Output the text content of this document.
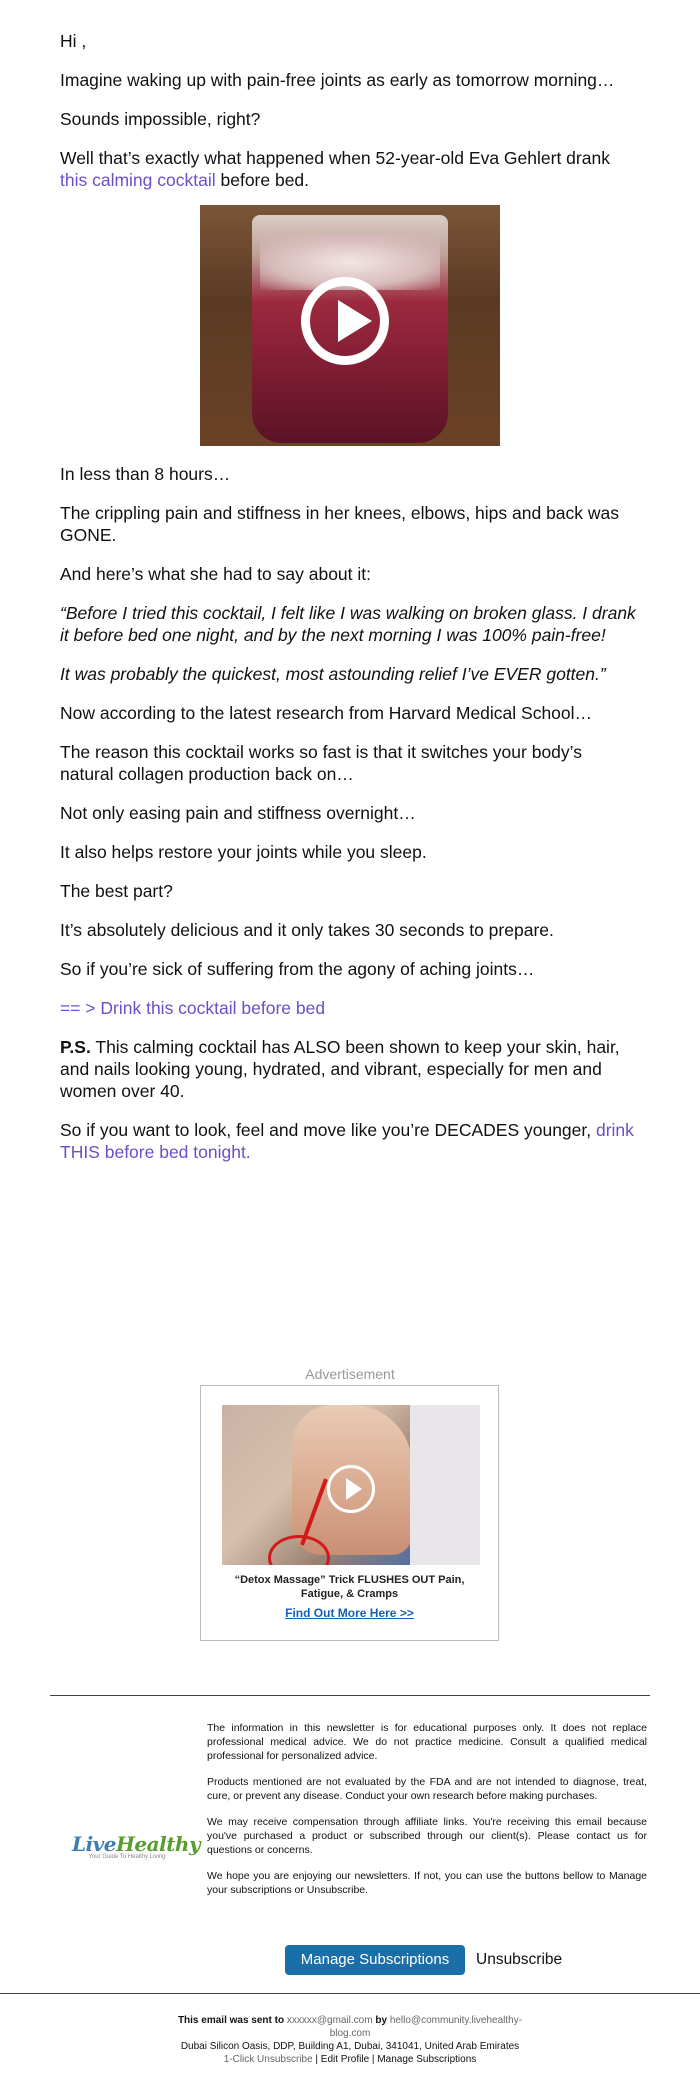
Hi ,

Imagine waking up with pain-free joints as early as tomorrow morning…

Sounds impossible, right?

Well that’s exactly what happened when 52-year-old Eva Gehlert drank this calming cocktail before bed.

In less than 8 hours…

The crippling pain and stiffness in her knees, elbows, hips and back was GONE.

And here’s what she had to say about it:

“Before I tried this cocktail, I felt like I was walking on broken glass. I drank it before bed one night, and by the next morning I was 100% pain-free!

It was probably the quickest, most astounding relief I’ve EVER gotten.”

Now according to the latest research from Harvard Medical School…

The reason this cocktail works so fast is that it switches your body’s natural collagen production back on…

Not only easing pain and stiffness overnight…

It also helps restore your joints while you sleep.

The best part?

It’s absolutely delicious and it only takes 30 seconds to prepare.

So if you’re sick of suffering from the agony of aching joints…

== > Drink this cocktail before bed

P.S. This calming cocktail has ALSO been shown to keep your skin, hair, and nails looking young, hydrated, and vibrant, especially for men and women over 40.

So if you want to look, feel and move like you’re DECADES younger, drink THIS before bed tonight.

Advertisement
“Detox Massage” Trick FLUSHES OUT Pain,
Fatigue, & Cramps
Find Out More Here >>
LiveHealthy
Your Guide To Healthy Living

The information in this newsletter is for educational purposes only. It does not replace professional medical advice. We do not practice medicine. Consult a qualified medical professional for personalized advice.

Products mentioned are not evaluated by the FDA and are not intended to diagnose, treat, cure, or prevent any disease. Conduct your own research before making purchases.

We may receive compensation through affiliate links. You're receiving this email because you've purchased a product or subscribed through our client(s). Please contact us for questions or concerns.

We hope you are enjoying our newsletters. If not, you can use the buttons bellow to Manage your subscriptions or Unsubscribe.

Manage Subscriptions	Unsubscribe
This email was sent to xxxxxx@gmail.com by hello@community.livehealthy-
blog.com
Dubai Silicon Oasis, DDP, Building A1, Dubai, 341041, United Arab Emirates
1-Click Unsubscribe | Edit Profile | Manage Subscriptions
